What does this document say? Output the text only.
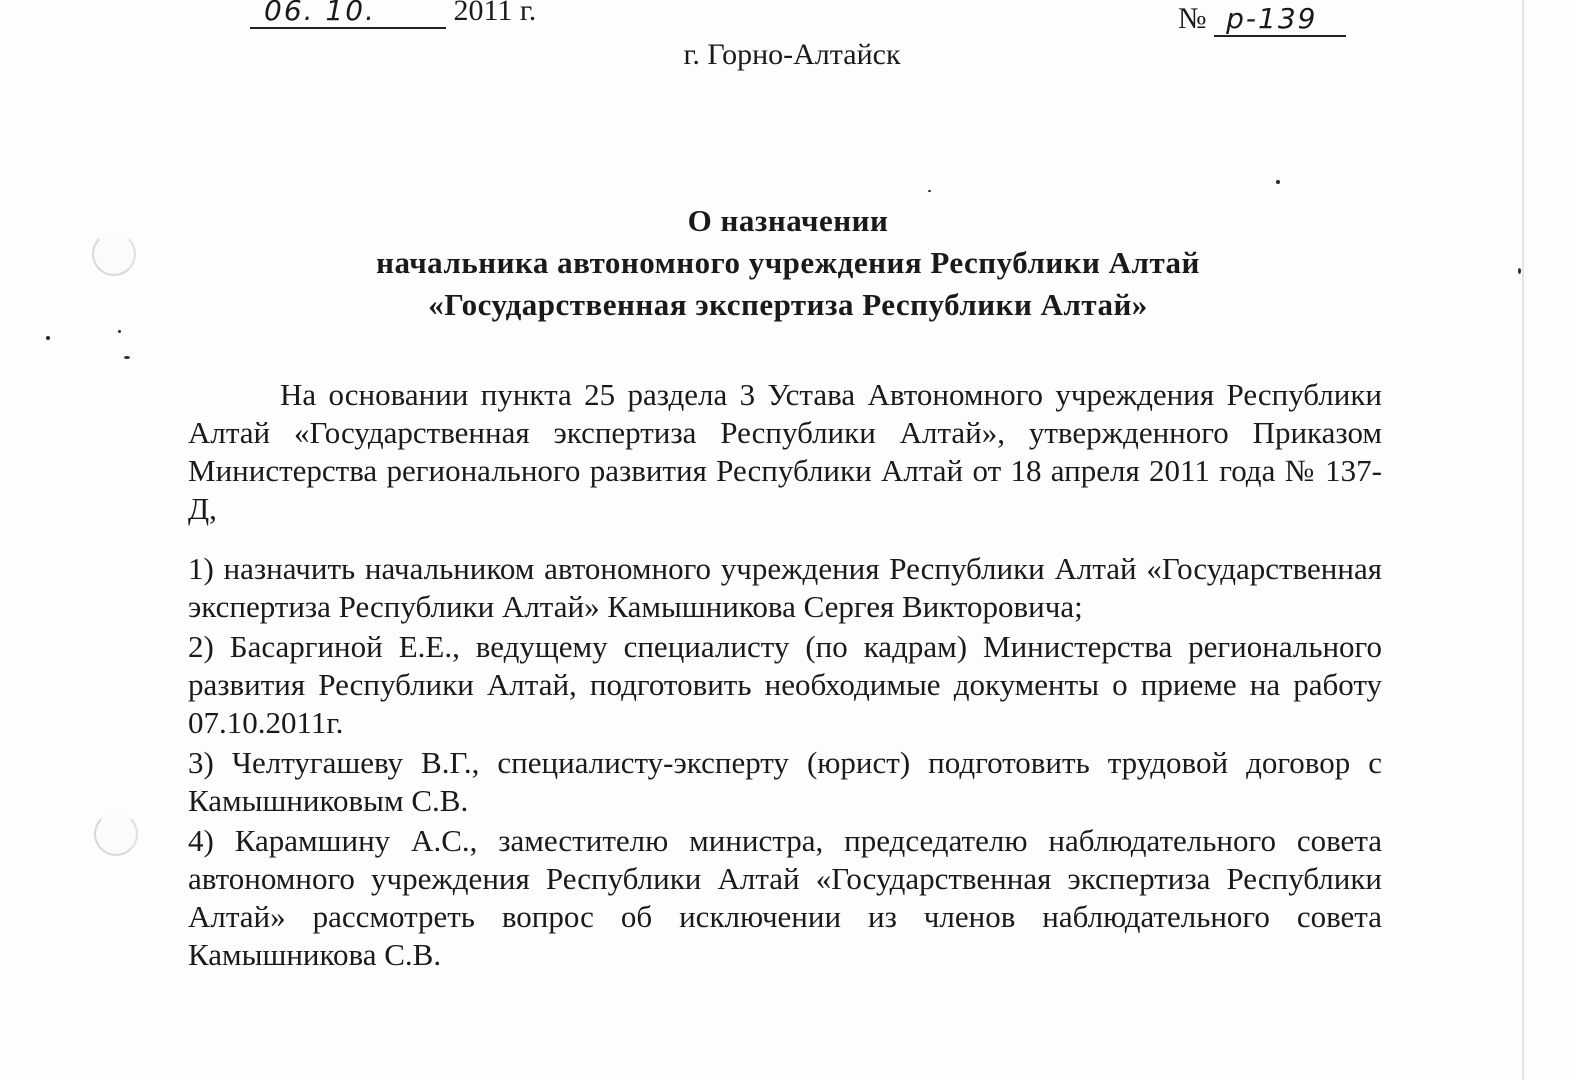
06. 10.	2011 г.	№ р-139
г. Горно-Алтайск
О назначении
начальника автономного учреждения Республики Алтай
«Государственная экспертиза Республики Алтай»

На основании пункта 25 раздела 3 Устава Автономного учреждения Республики Алтай «Государственная экспертиза Республики Алтай», утвержденного Приказом Министерства регионального развития Республики Алтай от 18 апреля 2011 года № 137-Д,

1) назначить начальником автономного учреждения Республики Алтай «Государственная экспертиза Республики Алтай» Камышникова Сергея Викторовича;

2) Басаргиной Е.Е., ведущему специалисту (по кадрам) Министерства регионального развития Республики Алтай, подготовить необходимые документы о приеме на работу 07.10.2011г.

3) Челтугашеву В.Г., специалисту-эксперту (юрист) подготовить трудовой договор с Камышниковым С.В.

4) Карамшину А.С., заместителю министра, председателю наблюдательного совета автономного учреждения Республики Алтай «Государственная экспертиза Республики Алтай» рассмотреть вопрос об исключении из членов наблюдательного совета Камышникова С.В.
